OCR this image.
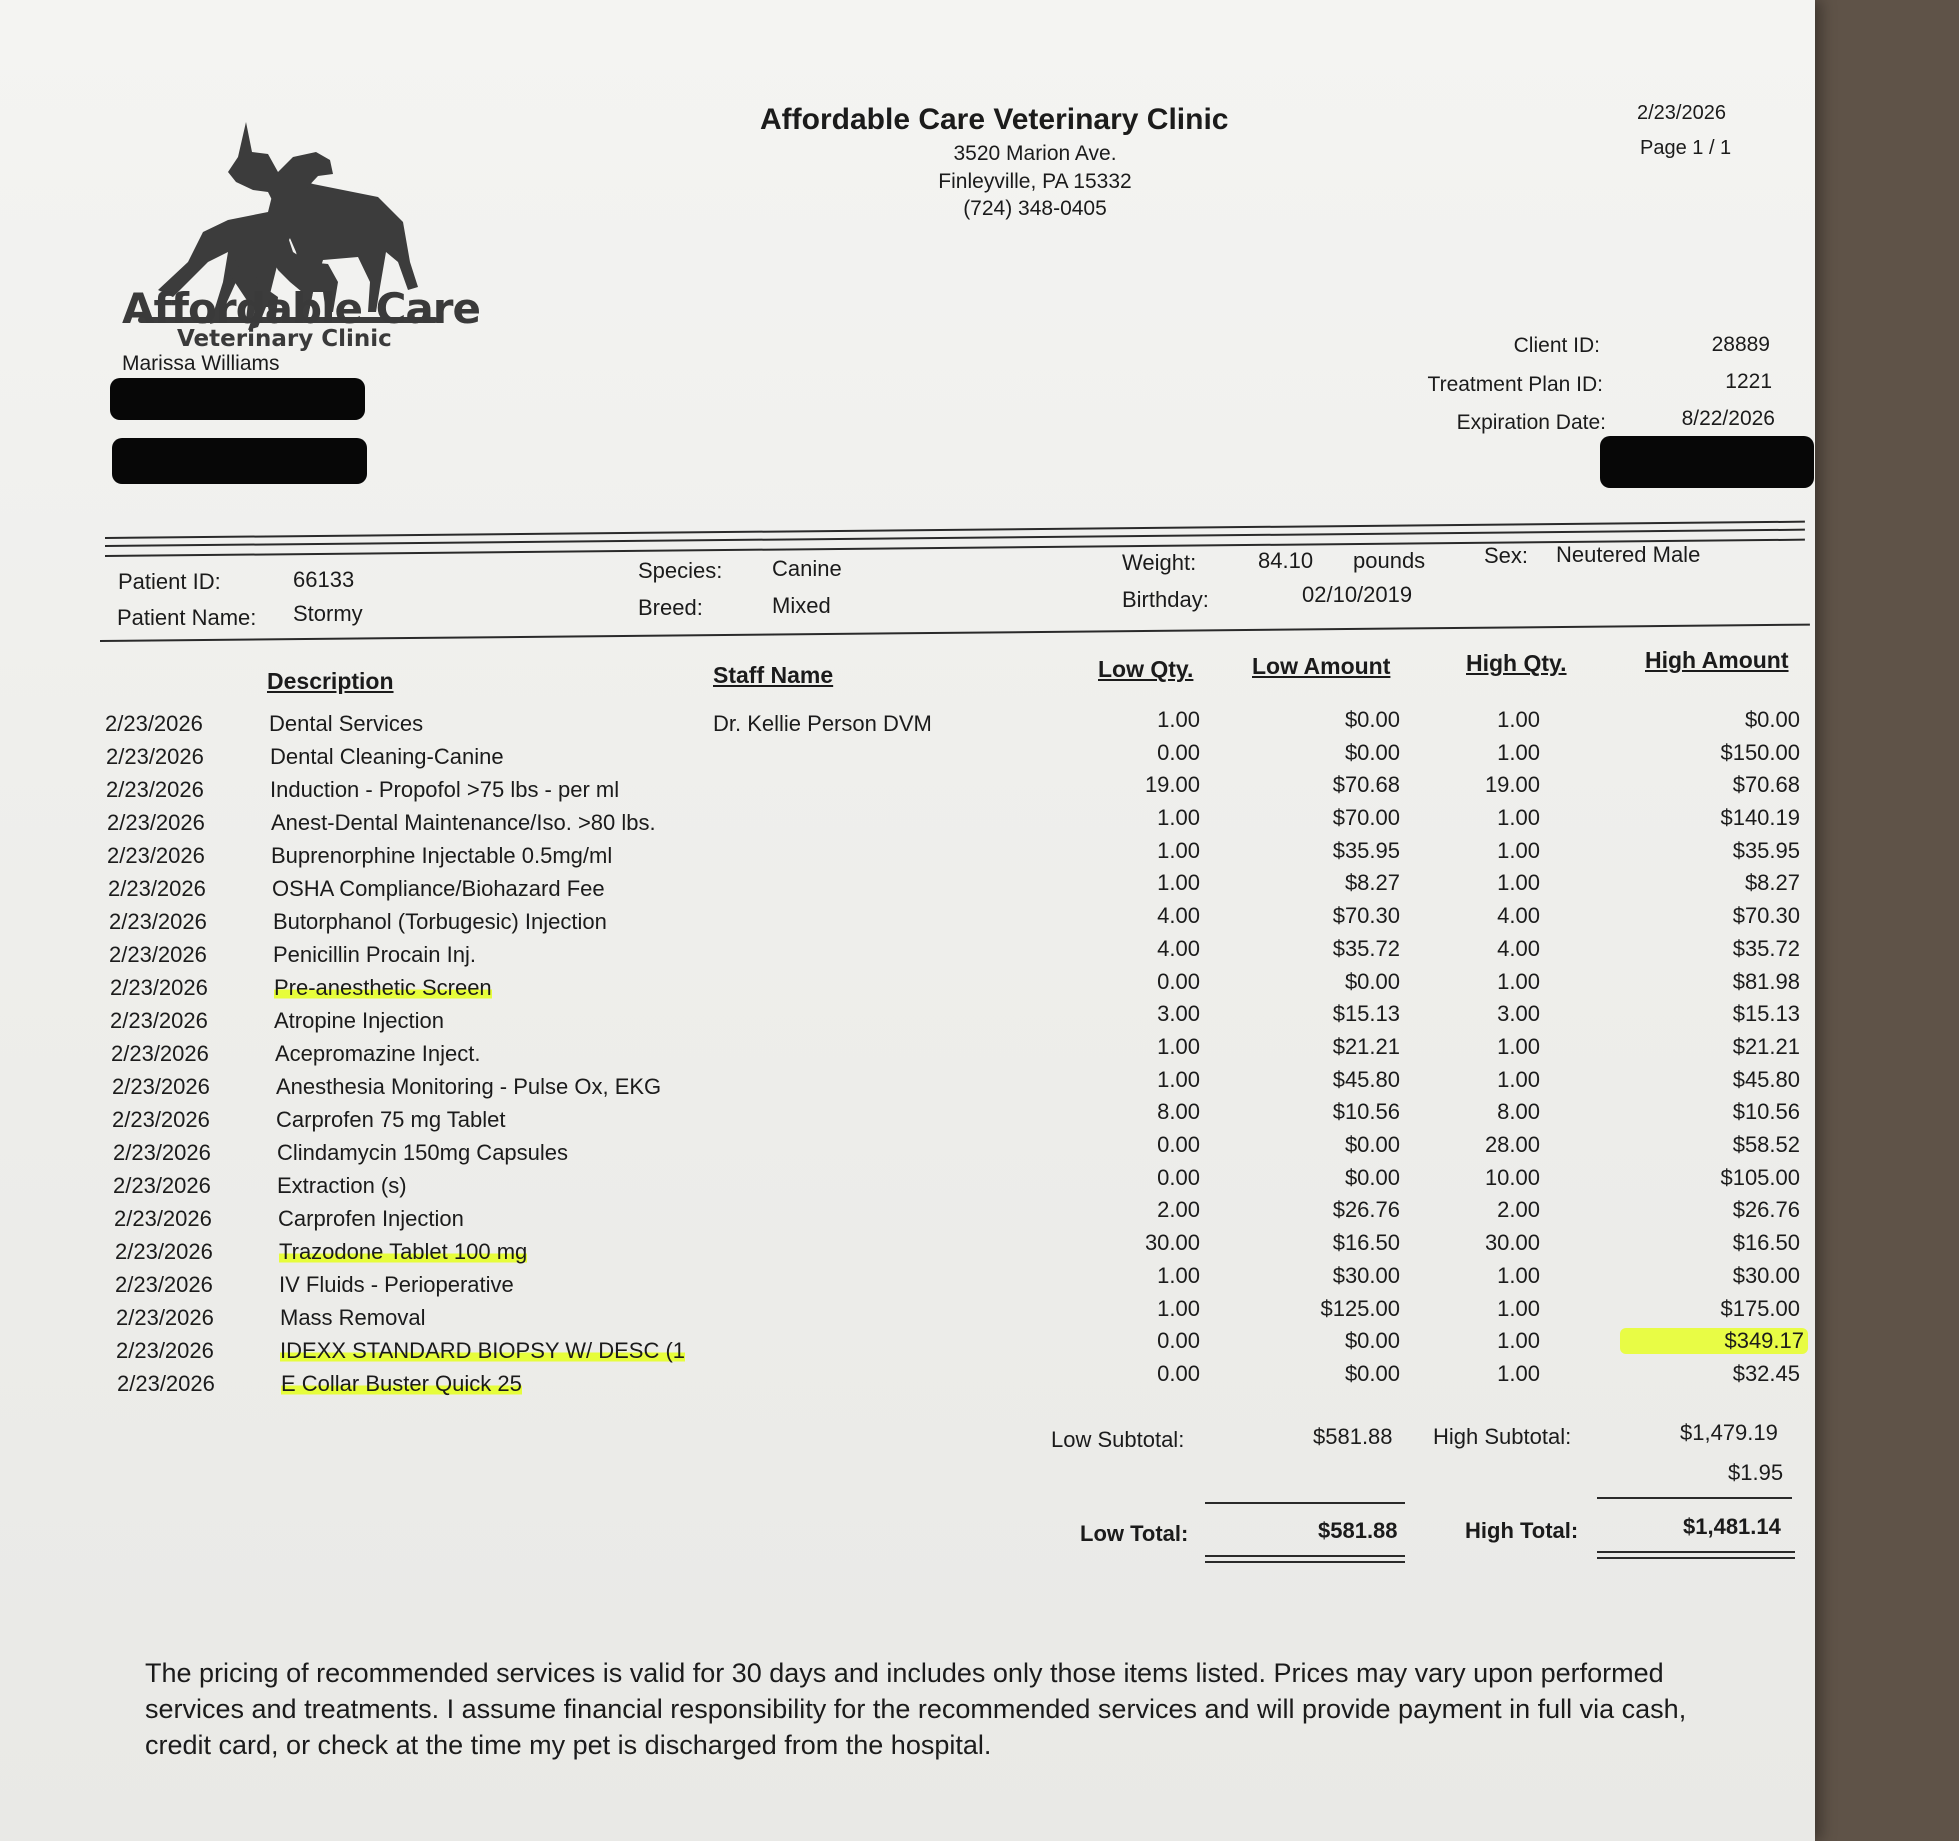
Affordable Care
Veterinary Clinic
Affordable Care Veterinary Clinic
3520 Marion Ave.
Finleyville, PA 15332
(724) 348-0405
2/23/2026
Page 1 / 1
Marissa Williams
Client ID:	28889
Treatment Plan ID:	1221
Expiration Date:	8/22/2026
Patient ID:	66133
Patient Name: Stormy
Species: Canine
Breed:	Mixed
Weight:	84.10 pounds
Birthday:	02/10/2019
Sex: Neutered Male
Description	Staff Name	Low Qty.	Low Amount	High Qty.	High Amount
2/23/2026	Dental Services	Dr. Kellie Person DVM	1.00	$0.00	1.00	$0.00
2/23/2026	Dental Cleaning-Canine	0.00	$0.00	1.00	$150.00
2/23/2026	Induction - Propofol >75 lbs - per ml	19.00	$70.68	19.00	$70.68
2/23/2026	Anest-Dental Maintenance/Iso. >80 lbs.	1.00	$70.00	1.00	$140.19
2/23/2026	Buprenorphine Injectable 0.5mg/ml	1.00	$35.95	1.00	$35.95
2/23/2026	OSHA Compliance/Biohazard Fee	1.00	$8.27	1.00	$8.27
2/23/2026	Butorphanol (Torbugesic) Injection	4.00	$70.30	4.00	$70.30
2/23/2026	Penicillin Procain Inj.	4.00	$35.72	4.00	$35.72
2/23/2026	Pre-anesthetic Screen	0.00	$0.00	1.00	$81.98
2/23/2026	Atropine Injection	3.00	$15.13	3.00	$15.13
2/23/2026	Acepromazine Inject.	1.00	$21.21	1.00	$21.21
2/23/2026	Anesthesia Monitoring - Pulse Ox, EKG	1.00	$45.80	1.00	$45.80
2/23/2026	Carprofen 75 mg Tablet	8.00	$10.56	8.00	$10.56
2/23/2026	Clindamycin 150mg Capsules	0.00	$0.00	28.00	$58.52
2/23/2026	Extraction (s)	0.00	$0.00	10.00	$105.00
2/23/2026	Carprofen Injection	2.00	$26.76	2.00	$26.76
2/23/2026	Trazodone Tablet 100 mg	30.00	$16.50	30.00	$16.50
2/23/2026	IV Fluids - Perioperative	1.00	$30.00	1.00	$30.00
2/23/2026	Mass Removal	1.00	$125.00	1.00	$175.00
2/23/2026	IDEXX STANDARD BIOPSY W/ DESC (1	0.00	$0.00	1.00	$349.17
2/23/2026	E Collar Buster Quick 25	0.00	$0.00	1.00	$32.45
Low Subtotal:	$581.88 High Subtotal:	$1,479.19
$1.95
Low Total:	$581.88	High Total:	$1,481.14
The pricing of recommended services is valid for 30 days and includes only those items listed. Prices may vary upon performed services and treatments. I assume financial responsibility for the recommended services and will provide payment in full via cash, credit card, or check at the time my pet is discharged from the hospital.
